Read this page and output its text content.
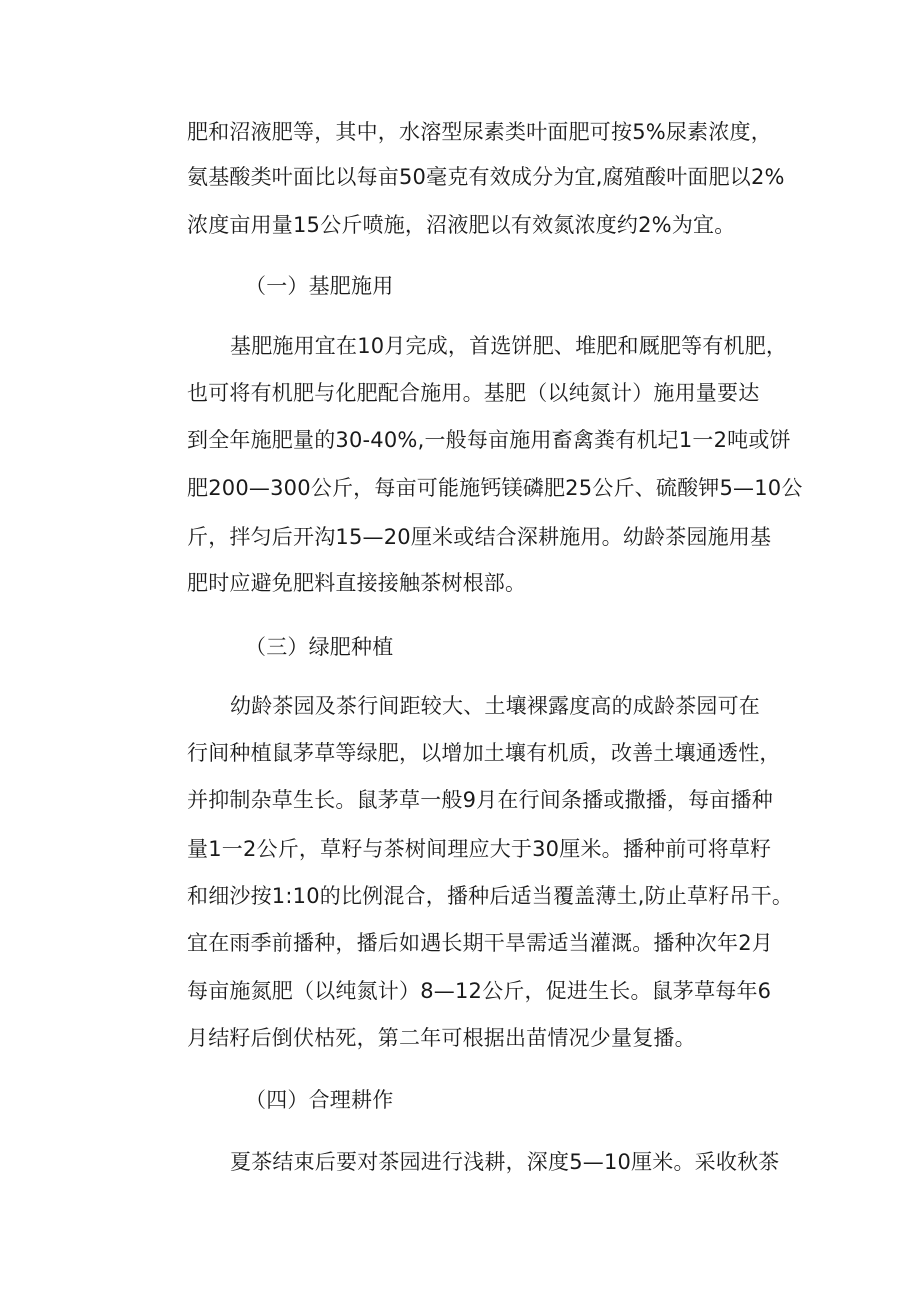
肥和沼液肥等，其中，水溶型尿素类叶面肥可按5%尿素浓度，
氨基酸类叶面比以每亩50毫克有效成分为宜,腐殖酸叶面肥以2%
浓度亩用量15公斤喷施，沼液肥以有效氮浓度约2%为宜。
（一）基肥施用
基肥施用宜在10月完成，首选饼肥、堆肥和厩肥等有机肥，
也可将有机肥与化肥配合施用。基肥（以纯氮计）施用量要达
到全年施肥量的30-40%,一般每亩施用畜禽粪有机圮1一2吨或饼
肥200—300公斤，每亩可能施钙镁磷肥25公斤、硫酸钾5—10公
斤，拌匀后开沟15—20厘米或结合深耕施用。幼龄茶园施用基
肥时应避免肥料直接接触茶树根部。
（三）绿肥种植
幼龄茶园及茶行间距较大、土壤裸露度高的成龄茶园可在
行间种植鼠茅草等绿肥，以增加土壤有机质，改善土壤通透性，
并抑制杂草生长。鼠茅草一般9月在行间条播或撒播，每亩播种
量1一2公斤，草籽与茶树间理应大于30厘米。播种前可将草籽
和细沙按1:10的比例混合，播种后适当覆盖薄土,防止草籽吊干。
宜在雨季前播种，播后如遇长期干旱需适当灌溉。播种次年2月
每亩施氮肥（以纯氮计）8—12公斤，促进生长。鼠茅草每年6
月结籽后倒伏枯死，第二年可根据出苗情况少量复播。
（四）合理耕作
夏茶结束后要对茶园进行浅耕，深度5—10厘米。采收秋茶
